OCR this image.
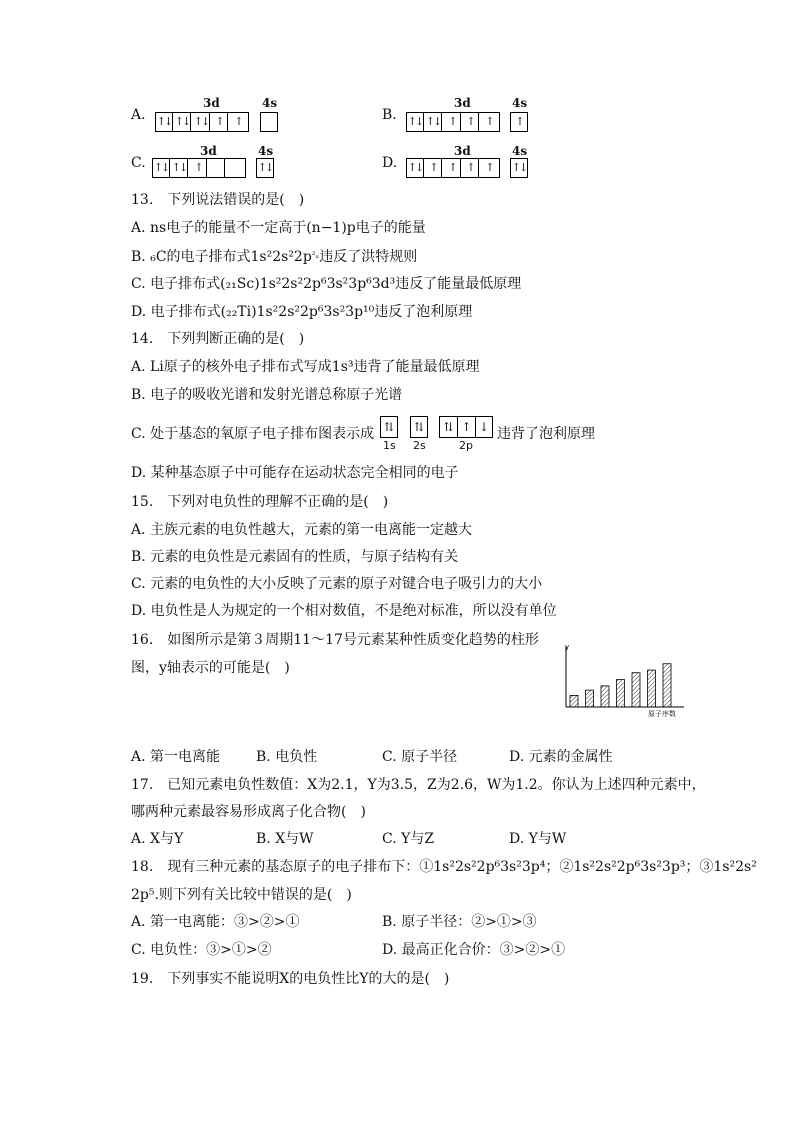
A.
3d	4s
↑↓ ↑↓ ↑↓ ↑	↑	B.
3d	4s
↑↓ ↑↓ ↑ ↑	↑	↑
C.
3d	4s
↑↓ ↑↓ ↑	↑↓	D.
3d	4s
↑↓ ↑	↑ ↑	↑	↑↓
13.　下列说法错误的是(　)
A. ns电子的能量不一定高于(n−1)p电子的能量
B. ₆C的电子排布式$1s^22s^22p^{^2_x}$违反了洪特规则
C. 电子排布式(₂₁Sc)1s²2s²2p⁶3s²3p⁶3d³违反了能量最低原理
D. 电子排布式(₂₂Ti)1s²2s²2p⁶3s²3p¹⁰违反了泡利原理
14.　下列判断正确的是(　)
A. Li原子的核外电子排布式写成1s³违背了能量最低原理
B. 电子的吸收光谱和发射光谱总称原子光谱
C. 处于基态的氧原子电子排布图表示成 ⇅	⇅	⇅ ↑ ↓
1s 2s	2p
违背了泡利原理
D. 某种基态原子中可能存在运动状态完全相同的电子
15.　下列对电负性的理解不正确的是(　)
A. 主族元素的电负性越大，元素的第一电离能一定越大
B. 元素的电负性是元素固有的性质，与原子结构有关
C. 元素的电负性的大小反映了元素的原子对键合电子吸引力的大小
D. 电负性是人为规定的一个相对数值，不是绝对标准，所以没有单位
16.　如图所示是第３周期11～17号元素某种性质变化趋势的柱形
图，y轴表示的可能是(　)
y
原子序数
A. 第一电离能	B. 电负性	C. 原子半径	D. 元素的金属性
17.　已知元素电负性数值：X为2.1，Y为3.5，Z为2.6，W为1.2。你认为上述四种元素中，
哪两种元素最容易形成离子化合物(　)
A. X与Y	B. X与W	C. Y与Z	D. Y与W
18.　现有三种元素的基态原子的电子排布下：①1s²2s²2p⁶3s²3p⁴；②1s²2s²2p⁶3s²3p³；③1s²2s²
2p⁵.则下列有关比较中错误的是(　)
A. 第一电离能：③>②>①	B. 原子半径：②>①>③
C. 电负性：③>①>②	D. 最高正化合价：③>②>①
19.　下列事实不能说明X的电负性比Y的大的是(　)
